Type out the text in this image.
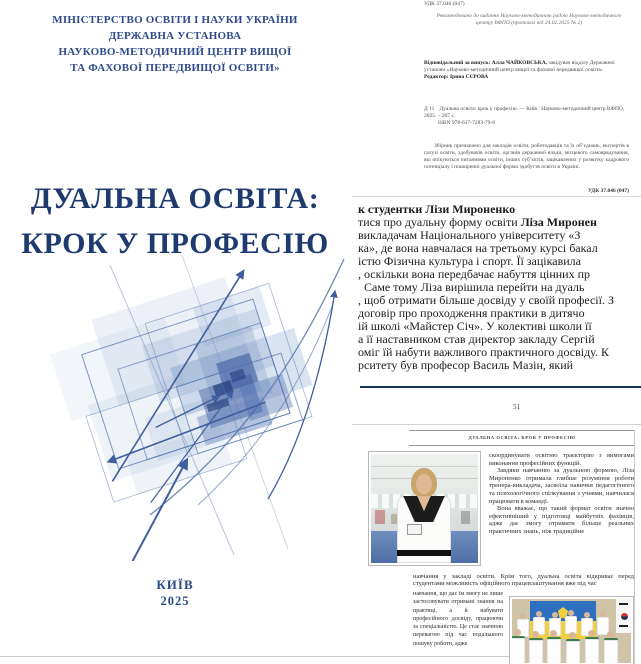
МІНІСТЕРСТВО ОСВІТИ І НАУКИ УКРАЇНИ
ДЕРЖАВНА УСТАНОВА
НАУКОВО-МЕТОДИЧНИЙ ЦЕНТР ВИЩОЇ
ТА ФАХОВОЇ ПЕРЕДВИЩОЇ ОСВІТИ»
ДУАЛЬНА ОСВІТА:
КРОК У ПРОФЕСІЮ
КИЇВ
2025
УДК 37.046 (047)
Рекомендовано до видання Науково-методичною радою Науково-методичного центру ВФПО (протокол від 24.02.2025 № 2)
Відповідальний за випуск: Алла ЧАЙКОВСЬКА, завідувач відділу Державної установи «Науково-методичний центр вищої та фахової передвищої освіти»
Редактор: Ірина СЄРОВА
Д 11 Дуальна освіта: крок у професію. — Київ : Науково-методичний центр ВФПО, 2025. – 207 с.
ISBN 978-617-7283-79-8
Збірник призначено для закладів освіти, роботодавців та їх об’єднань, експертів в галузі освіти, здобувачів освіти, органів державної влади, місцевого самоврядування, які опікуються питаннями освіти, інших суб’єктів, зацікавлених у розвитку кадрового потенціалу і поширенні дуальної форми здобуття освіти в Україні.
УДК 37.046 (047)
к студентки Лізи Мироненко
тися про дуальну форму освіти Ліза Миронен
викладачам Національного університету «З
ка», де вона навчалася на третьому курсі бакал
істю Фізична культура і спорт. Її зацікавила
, оскільки вона передбачає набуття цінних пр
Саме тому Ліза вирішила перейти на дуаль
, щоб отримати більше досвіду у своїй професії. З
договір про проходження практики в дитячо
ій школі «Майстер Січ». У колективі школи її
а її наставником став директор закладу Сергій
оміг їй набути важливого практичного досвіду. К
рситету був професор Василь Мазін, який
51
ДУАЛЬНА ОСВІТА: КРОК У ПРОФЕСІЮ
скоординувати освітню траєкторію з вимогами виконання професійних функцій.
Завдяки навчанню за дуальною формою, Ліза Мироненко отримала глибше розуміння роботи тренера-викладача, засвоїла навички педагогічного та психологічного спілкування з учнями, навчилася працювати в команді.
Вона вважає, що такий формат освіти значно ефективніший у підготовці майбутніх фахівців, адже дає змогу отримати більше реальних практичних знань, ніж традиційне
навчання у закладі освіти. Крім того, дуальна освіта відкриває перед студентами можливість офіційного працевлаштування вже під час
навчання, що дає їм змогу не лише застосовувати отримані знання на практиці, а й набувати професійного досвіду, працюючи за спеціальністю. Це стає значною перевагою під час подальшого пошуку роботи, адже
